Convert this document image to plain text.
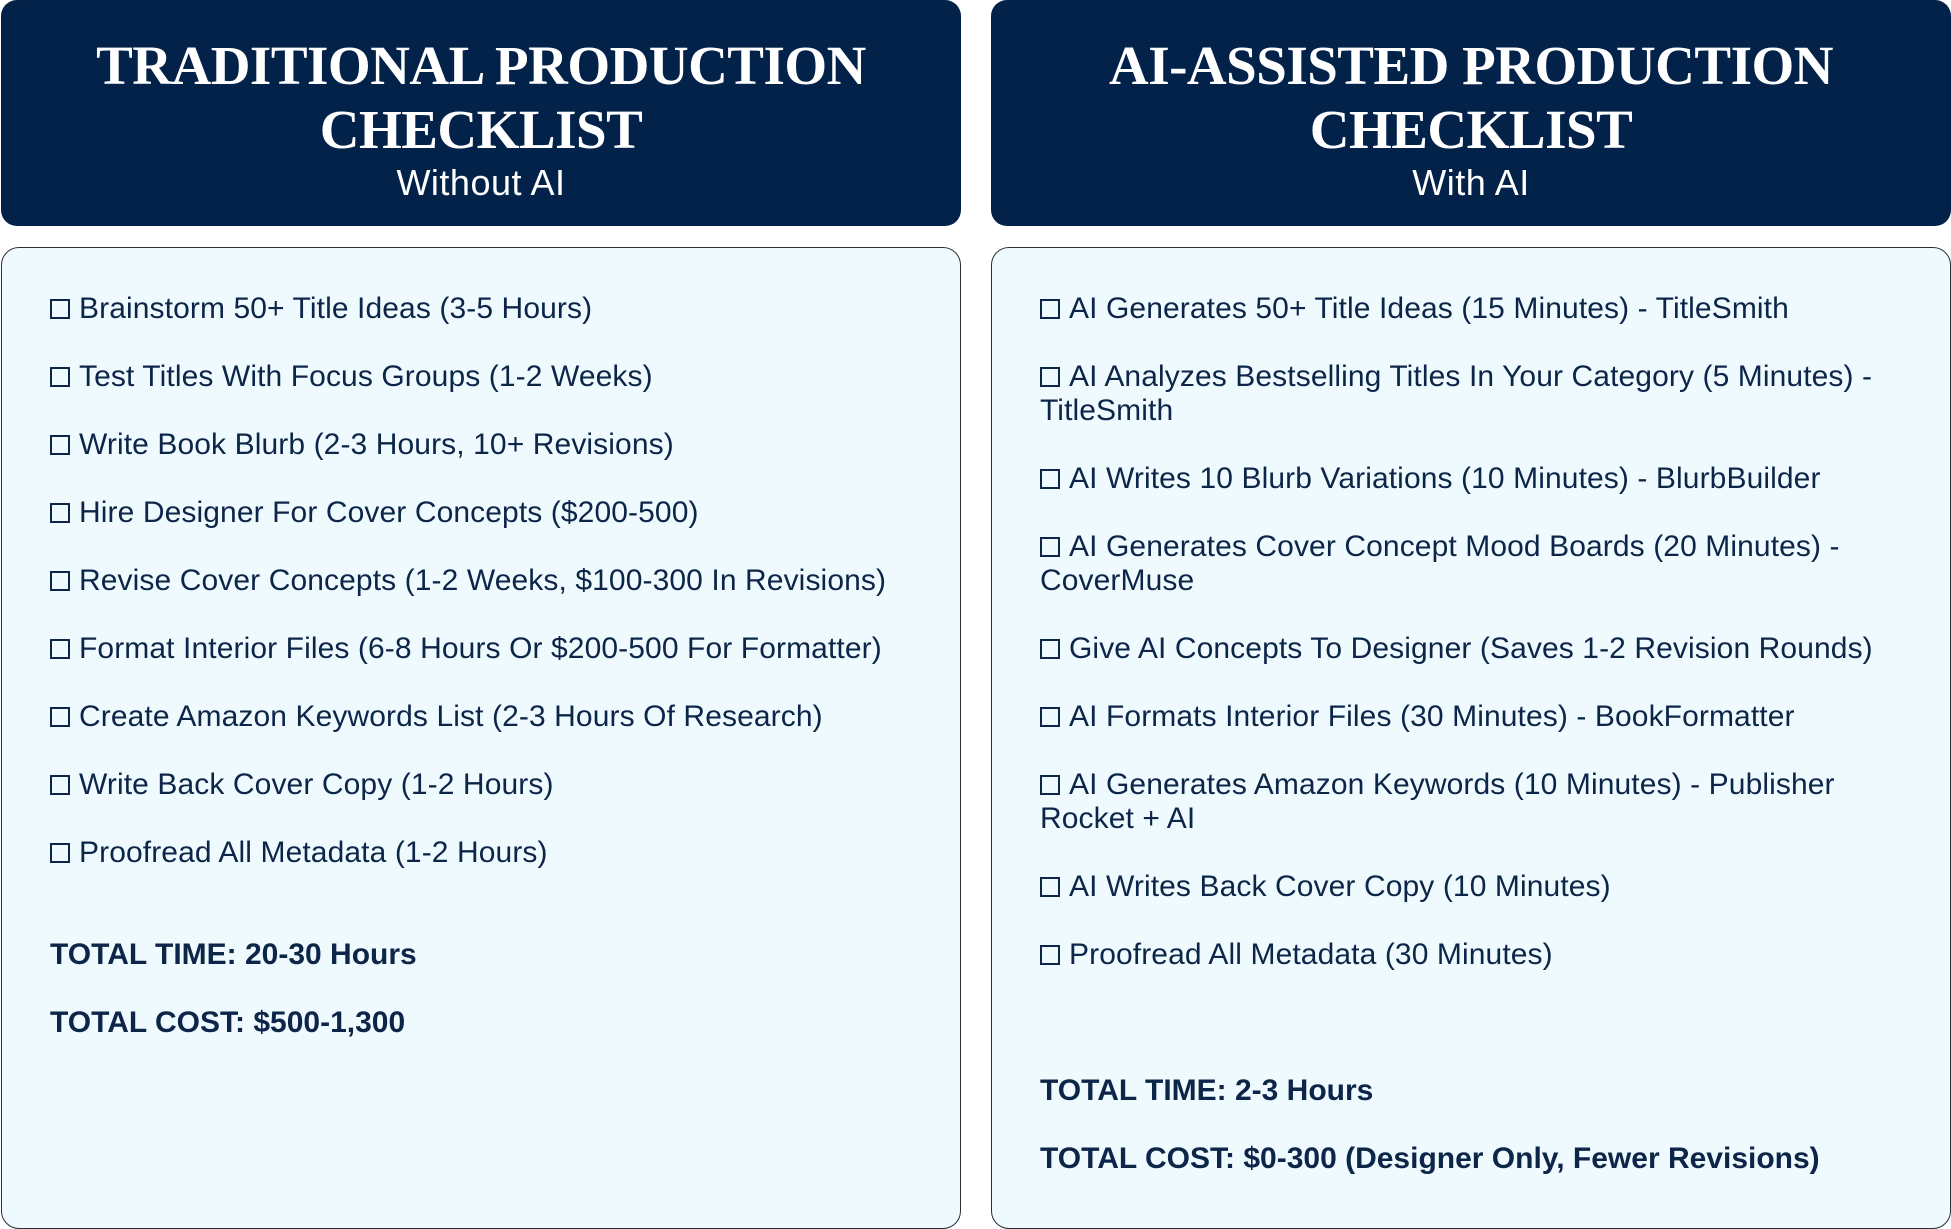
TRADITIONAL PRODUCTION CHECKLIST
Without AI
Brainstorm 50+ Title Ideas (3-5 Hours)
Test Titles With Focus Groups (1-2 Weeks)
Write Book Blurb (2-3 Hours, 10+ Revisions)
Hire Designer For Cover Concepts ($200-500)
Revise Cover Concepts (1-2 Weeks, $100-300 In Revisions)
Format Interior Files (6-8 Hours Or $200-500 For Formatter)
Create Amazon Keywords List (2-3 Hours Of Research)
Write Back Cover Copy (1-2 Hours)
Proofread All Metadata (1-2 Hours)
TOTAL TIME: 20-30 Hours
TOTAL COST: $500-1,300
AI-ASSISTED PRODUCTION CHECKLIST
With AI
AI Generates 50+ Title Ideas (15 Minutes) - TitleSmith
AI Analyzes Bestselling Titles In Your Category (5 Minutes) - TitleSmith
AI Writes 10 Blurb Variations (10 Minutes) - BlurbBuilder
AI Generates Cover Concept Mood Boards (20 Minutes) - CoverMuse
Give AI Concepts To Designer (Saves 1-2 Revision Rounds)
AI Formats Interior Files (30 Minutes) - BookFormatter
AI Generates Amazon Keywords (10 Minutes) - Publisher Rocket + AI
AI Writes Back Cover Copy (10 Minutes)
Proofread All Metadata (30 Minutes)
TOTAL TIME: 2-3 Hours
TOTAL COST: $0-300 (Designer Only, Fewer Revisions)
